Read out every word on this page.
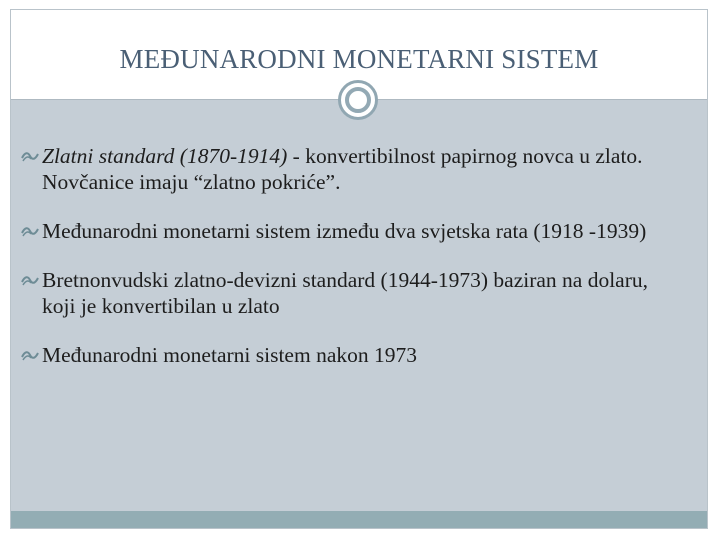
MEĐUNARODNI MONETARNI SISTEM
Zlatni standard (1870-1914) - konvertibilnost papirnog novca u zlato. Novčanice imaju “zlatno pokriće”.
Međunarodni monetarni sistem između dva svjetska rata (1918 -1939)
Bretnonvudski zlatno-devizni standard (1944-1973) baziran na dolaru, koji je konvertibilan u zlato
Međunarodni monetarni sistem nakon 1973
